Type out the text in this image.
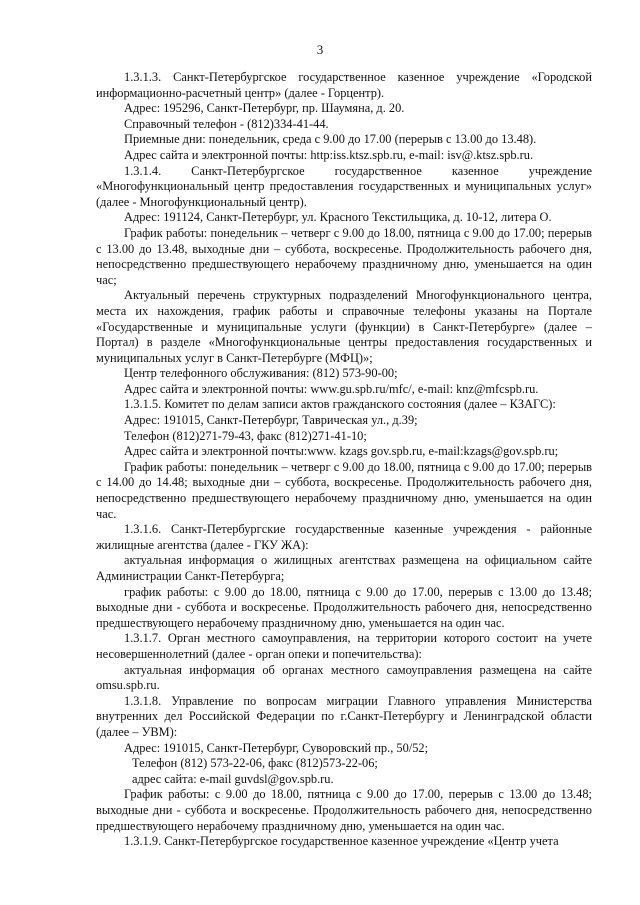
3

1.3.1.3. Санкт-Петербургское государственное казенное учреждение «Городской информационно-расчетный центр» (далее - Горцентр).

Адрес: 195296, Санкт-Петербург, пр. Шаумяна, д. 20.

Справочный телефон - (812)334-41-44.

Приемные дни: понедельник, среда с 9.00 до 17.00 (перерыв с 13.00 до 13.48).

Адрес сайта и электронной почты: http:iss.ktsz.spb.ru, e-mail: isv@.ktsz.spb.ru.

1.3.1.4. Санкт-Петербургское государственное казенное учреждение «Многофункциональный центр предоставления государственных и муниципальных услуг» (далее - Многофункциональный центр).

Адрес: 191124, Санкт-Петербург, ул. Красного Текстильщика, д. 10-12, литера О.

График работы: понедельник – четверг с 9.00 до 18.00, пятница с 9.00 до 17.00; перерыв с 13.00 до 13.48, выходные дни – суббота, воскресенье. Продолжительность рабочего дня, непосредственно предшествующего нерабочему праздничному дню, уменьшается на один час;

Актуальный перечень структурных подразделений Многофункционального центра, места их нахождения, график работы и справочные телефоны указаны на Портале «Государственные и муниципальные услуги (функции) в Санкт-Петербурге» (далее – Портал) в разделе «Многофункциональные центры предоставления государственных и муниципальных услуг в Санкт-Петербурге (МФЦ)»;

Центр телефонного обслуживания: (812) 573-90-00;

Адрес сайта и электронной почты: www.gu.spb.ru/mfc/, e-mail: knz@mfcspb.ru.

1.3.1.5. Комитет по делам записи актов гражданского состояния (далее – КЗАГС):

Адрес: 191015, Санкт-Петербург, Таврическая ул., д.39;

Телефон (812)271-79-43, факс (812)271-41-10;

Адрес сайта и электронной почты:www. kzags gov.spb.ru, e-mail:kzags@gov.spb.ru;

График работы: понедельник – четверг с 9.00 до 18.00, пятница с 9.00 до 17.00; перерыв с 14.00 до 14.48; выходные дни – суббота, воскресенье. Продолжительность рабочего дня, непосредственно предшествующего нерабочему праздничному дню, уменьшается на один час.

1.3.1.6. Санкт-Петербургские государственные казенные учреждения - районные жилищные агентства (далее - ГКУ ЖА):

актуальная информация о жилищных агентствах размещена на официальном сайте Администрации Санкт-Петербурга;

график работы: с 9.00 до 18.00, пятница с 9.00 до 17.00, перерыв с 13.00 до 13.48; выходные дни - суббота и воскресенье. Продолжительность рабочего дня, непосредственно предшествующего нерабочему праздничному дню, уменьшается на один час.

1.3.1.7. Орган местного самоуправления, на территории которого состоит на учете несовершеннолетний (далее - орган опеки и попечительства):

актуальная информация об органах местного самоуправления размещена на сайте omsu.spb.ru.

1.3.1.8. Управление по вопросам миграции Главного управления Министерства внутренних дел Российской Федерации по г.Санкт-Петербургу и Ленинградской области (далее – УВМ):

Адрес: 191015, Санкт-Петербург, Суворовский пр., 50/52;

Телефон (812) 573-22-06, факс (812)573-22-06;

адрес сайта: e-mail guvdsl@gov.spb.ru.

График работы: с 9.00 до 18.00, пятница с 9.00 до 17.00, перерыв с 13.00 до 13.48; выходные дни - суббота и воскресенье. Продолжительность рабочего дня, непосредственно предшествующего нерабочему праздничному дню, уменьшается на один час.

1.3.1.9. Санкт-Петербургское государственное казенное учреждение «Центр учета
